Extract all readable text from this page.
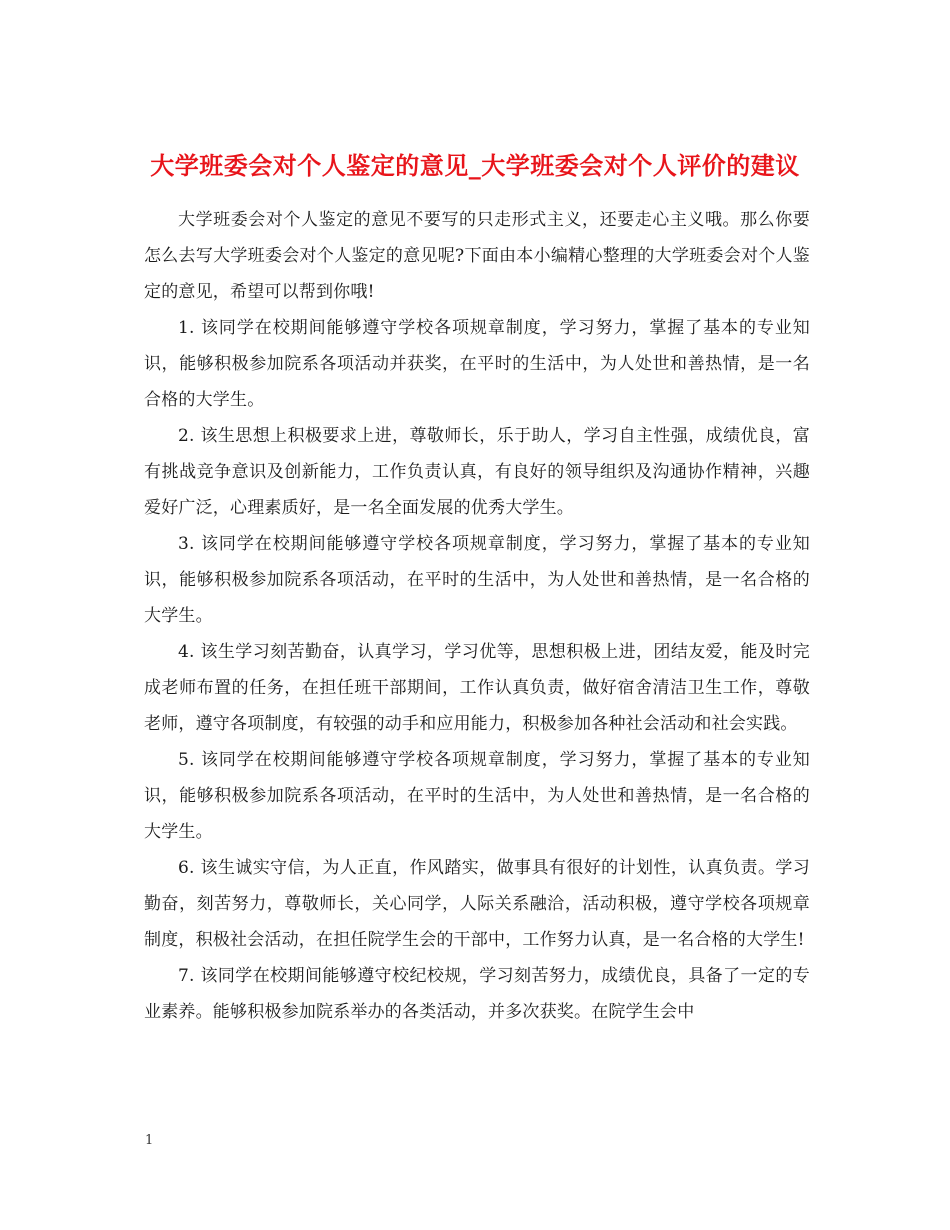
大学班委会对个人鉴定的意见_大学班委会对个人评价的建议

大学班委会对个人鉴定的意见不要写的只走形式主义，还要走心主义哦。那么你要怎么去写大学班委会对个人鉴定的意见呢?下面由本小编精心整理的大学班委会对个人鉴定的意见，希望可以帮到你哦!

1. 该同学在校期间能够遵守学校各项规章制度，学习努力，掌握了基本的专业知识，能够积极参加院系各项活动并获奖，在平时的生活中，为人处世和善热情，是一名合格的大学生。

2. 该生思想上积极要求上进，尊敬师长，乐于助人，学习自主性强，成绩优良，富有挑战竞争意识及创新能力，工作负责认真，有良好的领导组织及沟通协作精神，兴趣爱好广泛，心理素质好，是一名全面发展的优秀大学生。

3. 该同学在校期间能够遵守学校各项规章制度，学习努力，掌握了基本的专业知识，能够积极参加院系各项活动，在平时的生活中，为人处世和善热情，是一名合格的大学生。

4. 该生学习刻苦勤奋，认真学习，学习优等，思想积极上进，团结友爱，能及时完成老师布置的任务，在担任班干部期间，工作认真负责，做好宿舍清洁卫生工作，尊敬老师，遵守各项制度，有较强的动手和应用能力，积极参加各种社会活动和社会实践。

5. 该同学在校期间能够遵守学校各项规章制度，学习努力，掌握了基本的专业知识，能够积极参加院系各项活动，在平时的生活中，为人处世和善热情，是一名合格的大学生。

6. 该生诚实守信，为人正直，作风踏实，做事具有很好的计划性，认真负责。学习勤奋，刻苦努力，尊敬师长，关心同学，人际关系融洽，活动积极，遵守学校各项规章制度，积极社会活动，在担任院学生会的干部中，工作努力认真，是一名合格的大学生!

7. 该同学在校期间能够遵守校纪校规，学习刻苦努力，成绩优良，具备了一定的专业素养。能够积极参加院系举办的各类活动，并多次获奖。在院学生会中

1
